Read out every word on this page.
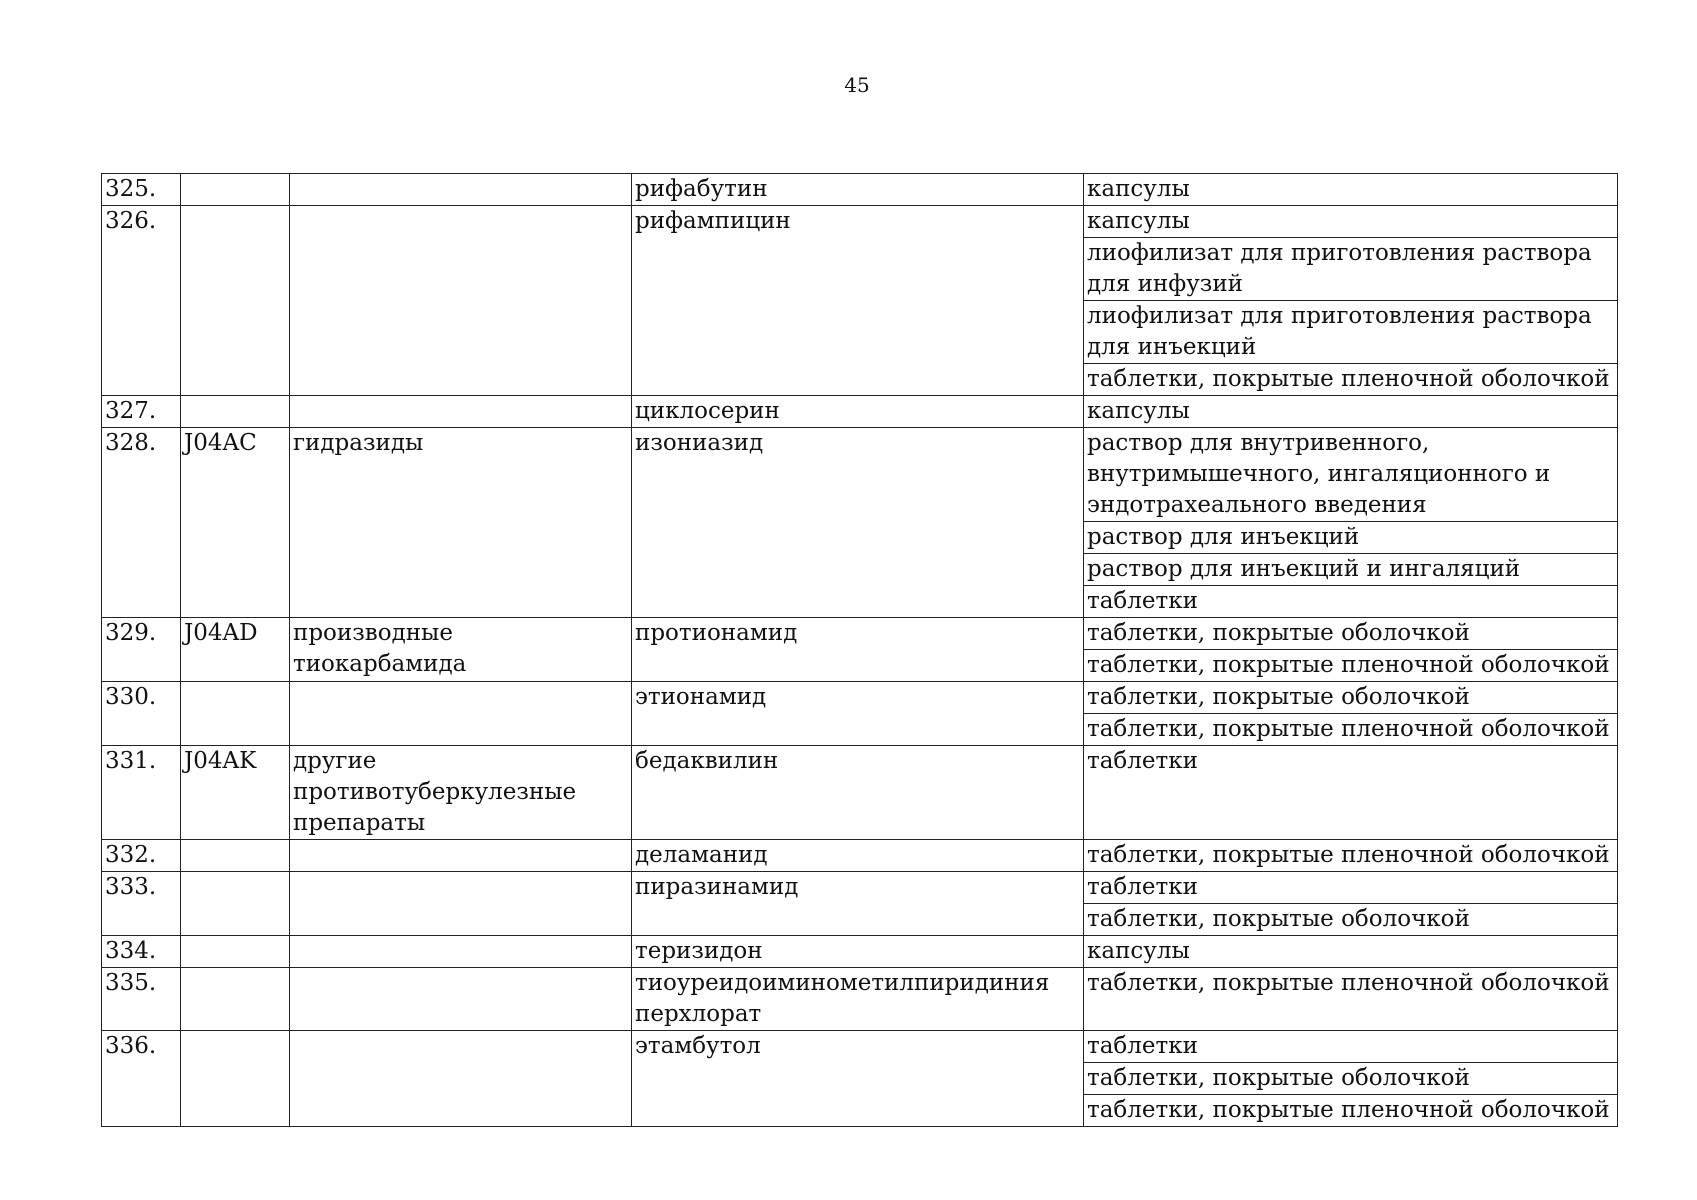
45
325.			рифабутин	капсулы
326.			рифампицин	капсулы
				лиофилизат для приготовления раствора для инфузий
				лиофилизат для приготовления раствора для инъекций
				таблетки, покрытые пленочной оболочкой
327.			циклосерин	капсулы
328.	J04AC	гидразиды	изониазид	раствор для внутривенного, внутримышечного, ингаляционного и эндотрахеального введения
				раствор для инъекций
				раствор для инъекций и ингаляций
				таблетки
329.	J04AD	производные тиокарбамида	протионамид	таблетки, покрытые оболочкой
				таблетки, покрытые пленочной оболочкой
330.			этионамид	таблетки, покрытые оболочкой
				таблетки, покрытые пленочной оболочкой
331.	J04AK	другие противотуберкулезные препараты	бедаквилин	таблетки
332.			деламанид	таблетки, покрытые пленочной оболочкой
333.			пиразинамид	таблетки
				таблетки, покрытые оболочкой
334.			теризидон	капсулы
335.			тиоуреидоиминометилпиридиния перхлорат	таблетки, покрытые пленочной оболочкой
336.			этамбутол	таблетки
				таблетки, покрытые оболочкой
				таблетки, покрытые пленочной оболочкой
